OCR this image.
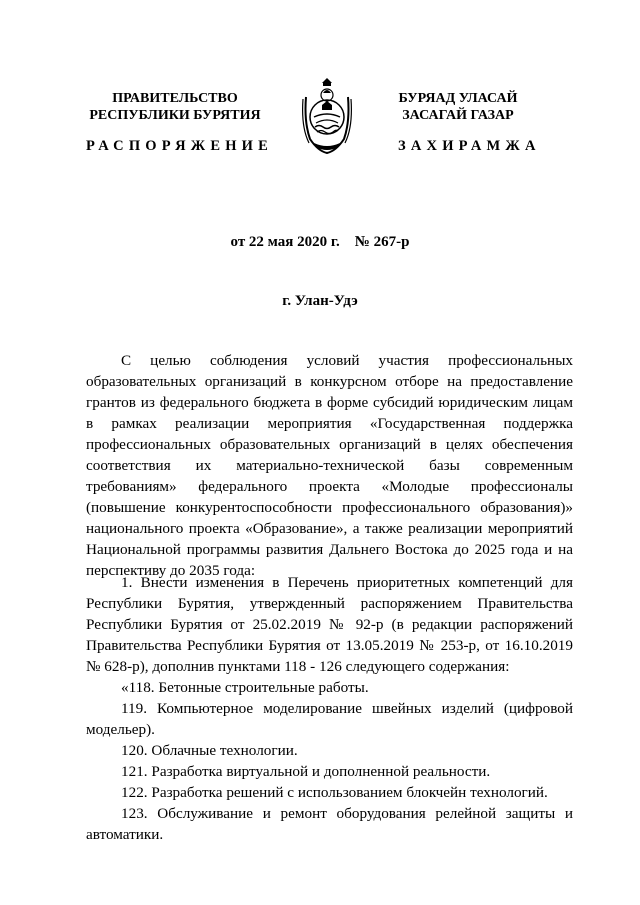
ПРАВИТЕЛЬСТВО
РЕСПУБЛИКИ БУРЯТИЯ
БУРЯАД УЛАСАЙ
ЗАСАГАЙ ГАЗАР
РАСПОРЯЖЕНИЕ	ЗАХИРАМЖА
от 22 мая 2020 г. № 267-р
г. Улан-Удэ

С целью соблюдения условий участия профессиональных образовательных организаций в конкурсном отборе на предоставление грантов из федерального бюджета в форме субсидий юридическим лицам в рамках реализации мероприятия «Государственная поддержка профессиональных образовательных организаций в целях обеспечения соответствия их материально-технической базы современным требованиям» федерального проекта «Молодые профессионалы (повышение конкурентоспособности профессионального образования)» национального проекта «Образование», а также реализации мероприятий Национальной программы развития Дальнего Востока до 2025 года и на перспективу до 2035 года:

1. Внести изменения в Перечень приоритетных компетенций для Республики Бурятия, утвержденный распоряжением Правительства Республики Бурятия от 25.02.2019 № 92-р (в редакции распоряжений Правительства Республики Бурятия от 13.05.2019 № 253-р, от 16.10.2019 № 628-р), дополнив пунктами 118 - 126 следующего содержания:

«118. Бетонные строительные работы.

119. Компьютерное моделирование швейных изделий (цифровой модельер).

120. Облачные технологии.

121. Разработка виртуальной и дополненной реальности.

122. Разработка решений с использованием блокчейн технологий.

123. Обслуживание и ремонт оборудования релейной защиты и автоматики.
